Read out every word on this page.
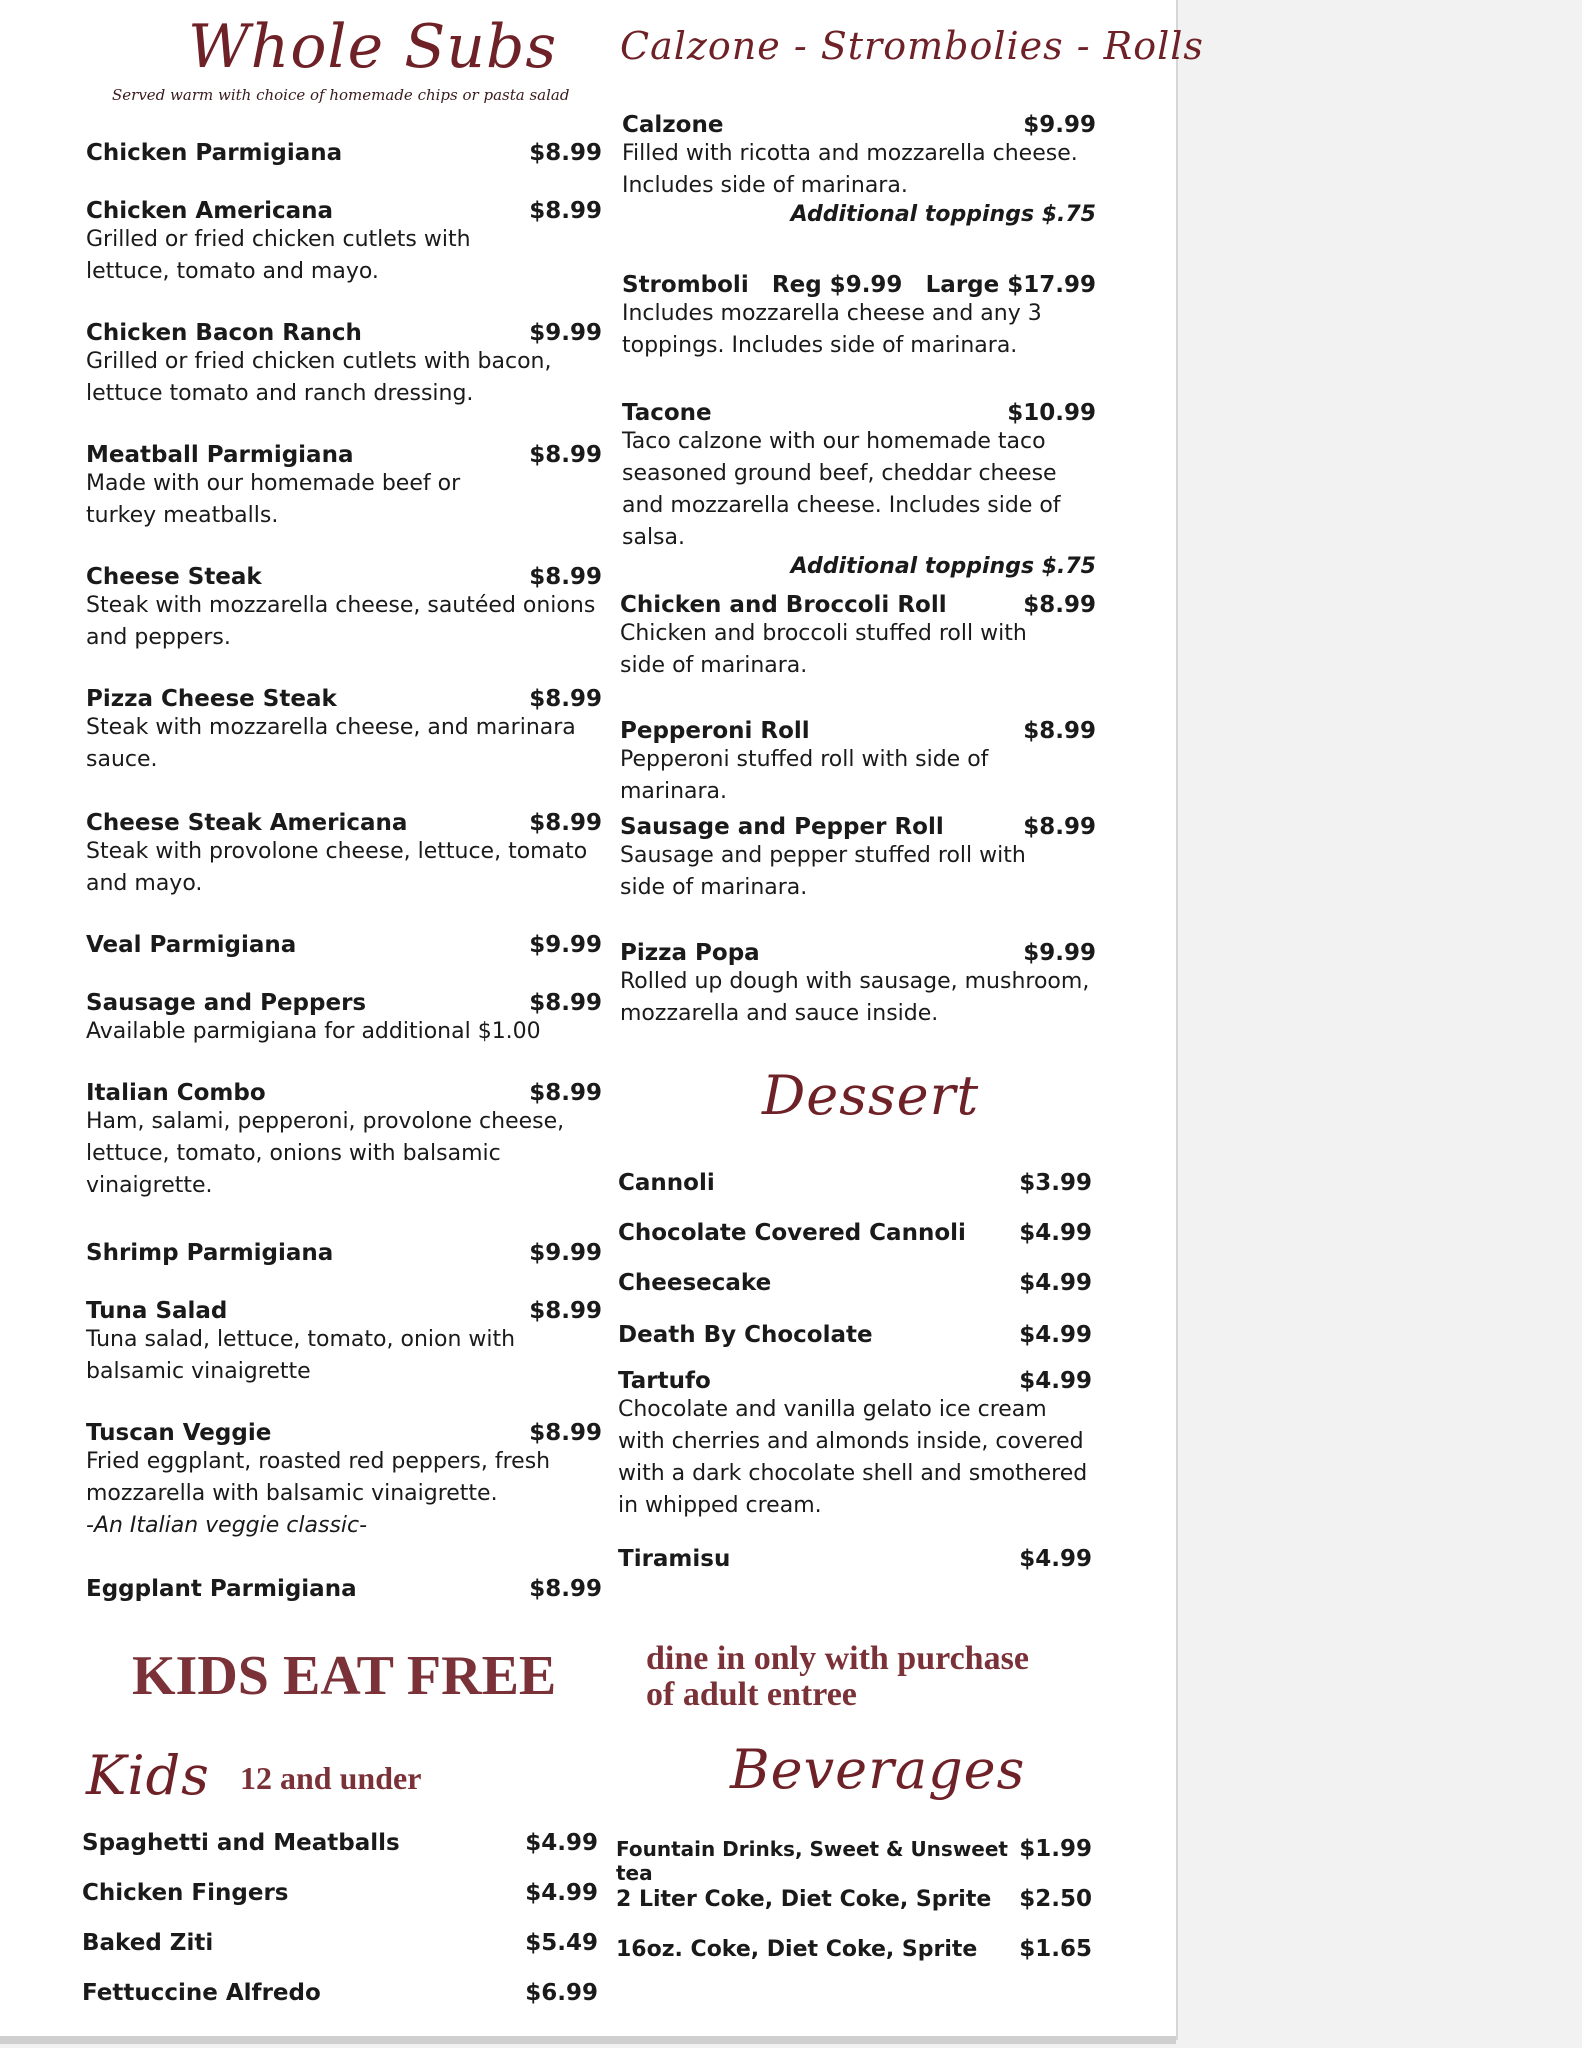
Whole Subs
Served warm with choice of homemade chips or pasta salad
Chicken Parmigiana	$8.99
Chicken Americana	$8.99
Grilled or fried chicken cutlets with lettuce, tomato and mayo.
Chicken Bacon Ranch	$9.99
Grilled or fried chicken cutlets with bacon, lettuce tomato and ranch dressing.
Meatball Parmigiana	$8.99
Made with our homemade beef or turkey meatballs.
Cheese Steak	$8.99
Steak with mozzarella cheese, sautéed onions and peppers.
Pizza Cheese Steak	$8.99
Steak with mozzarella cheese, and marinara sauce.
Cheese Steak Americana	$8.99
Steak with provolone cheese, lettuce, tomato and mayo.
Veal Parmigiana	$9.99
Sausage and Peppers	$8.99
Available parmigiana for additional $1.00
Italian Combo	$8.99
Ham, salami, pepperoni, provolone cheese, lettuce, tomato, onions with balsamic vinaigrette.
Shrimp Parmigiana	$9.99
Tuna Salad	$8.99
Tuna salad, lettuce, tomato, onion with balsamic vinaigrette
Tuscan Veggie	$8.99
Fried eggplant, roasted red peppers, fresh mozzarella with balsamic vinaigrette.
-An Italian veggie classic-
Eggplant Parmigiana	$8.99
Calzone - Strombolies - Rolls
Calzone	$9.99
Filled with ricotta and mozzarella cheese. Includes side of marinara.
Additional toppings $.75
Stromboli Reg $9.99 Large $17.99
Includes mozzarella cheese and any 3 toppings. Includes side of marinara.
Tacone	$10.99
Taco calzone with our homemade taco seasoned ground beef, cheddar cheese and mozzarella cheese. Includes side of salsa.
Additional toppings $.75
Chicken and Broccoli Roll	$8.99
Chicken and broccoli stuffed roll with side of marinara.
Pepperoni Roll	$8.99
Pepperoni stuffed roll with side of marinara.
Sausage and Pepper Roll	$8.99
Sausage and pepper stuffed roll with side of marinara.
Pizza Popa	$9.99
Rolled up dough with sausage, mushroom, mozzarella and sauce inside.
Dessert
Cannoli	$3.99
Chocolate Covered Cannoli $4.99
Cheesecake	$4.99
Death By Chocolate	$4.99
Tartufo	$4.99
Chocolate and vanilla gelato ice cream with cherries and almonds inside, covered with a dark chocolate shell and smothered in whipped cream.
Tiramisu	$4.99
KIDS EAT FREE	dine in only with purchase
of adult entree
Kids 12 and under
Spaghetti and Meatballs	$4.99
Chicken Fingers	$4.99
Baked Ziti	$5.49
Fettuccine Alfredo	$6.99
Beverages
Fountain Drinks, Sweet & Unsweet tea
$1.99
2 Liter Coke, Diet Coke, Sprite $2.50
16oz. Coke, Diet Coke, Sprite $1.65
